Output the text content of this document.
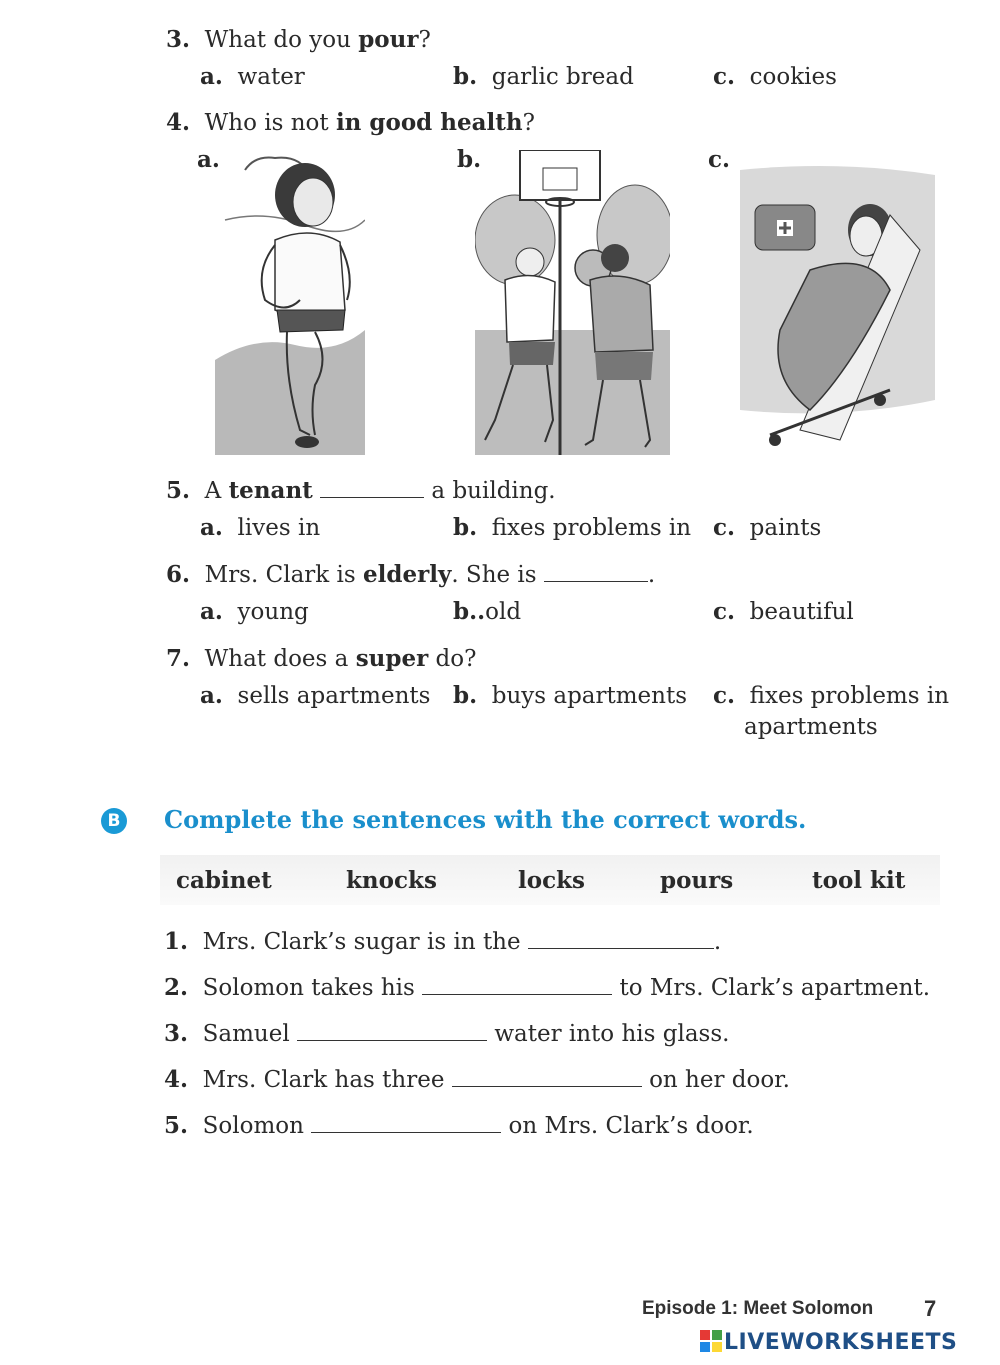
3. What do you pour?
a. water	b. garlic bread	c. cookies
4. Who is not in good health?
a.	b.	c.
5. A tenant	a building.
a. lives in	b. fixes problems in c. paints
6. Mrs. Clark is elderly. She is	.
a. young	b..old	c. beautiful
7. What does a super do?
a. sells apartments b. buys apartments c. fixes problems in
apartments
B Complete the sentences with the correct words.
cabinet	knocks	locks	pours	tool kit
1. Mrs. Clark’s sugar is in the	.
2. Solomon takes his	to Mrs. Clark’s apartment.
3. Samuel	water into his glass.
4. Mrs. Clark has three	on her door.
5. Solomon	on Mrs. Clark’s door.
Episode 1: Meet Solomon 7
LIVEWORKSHEETS
